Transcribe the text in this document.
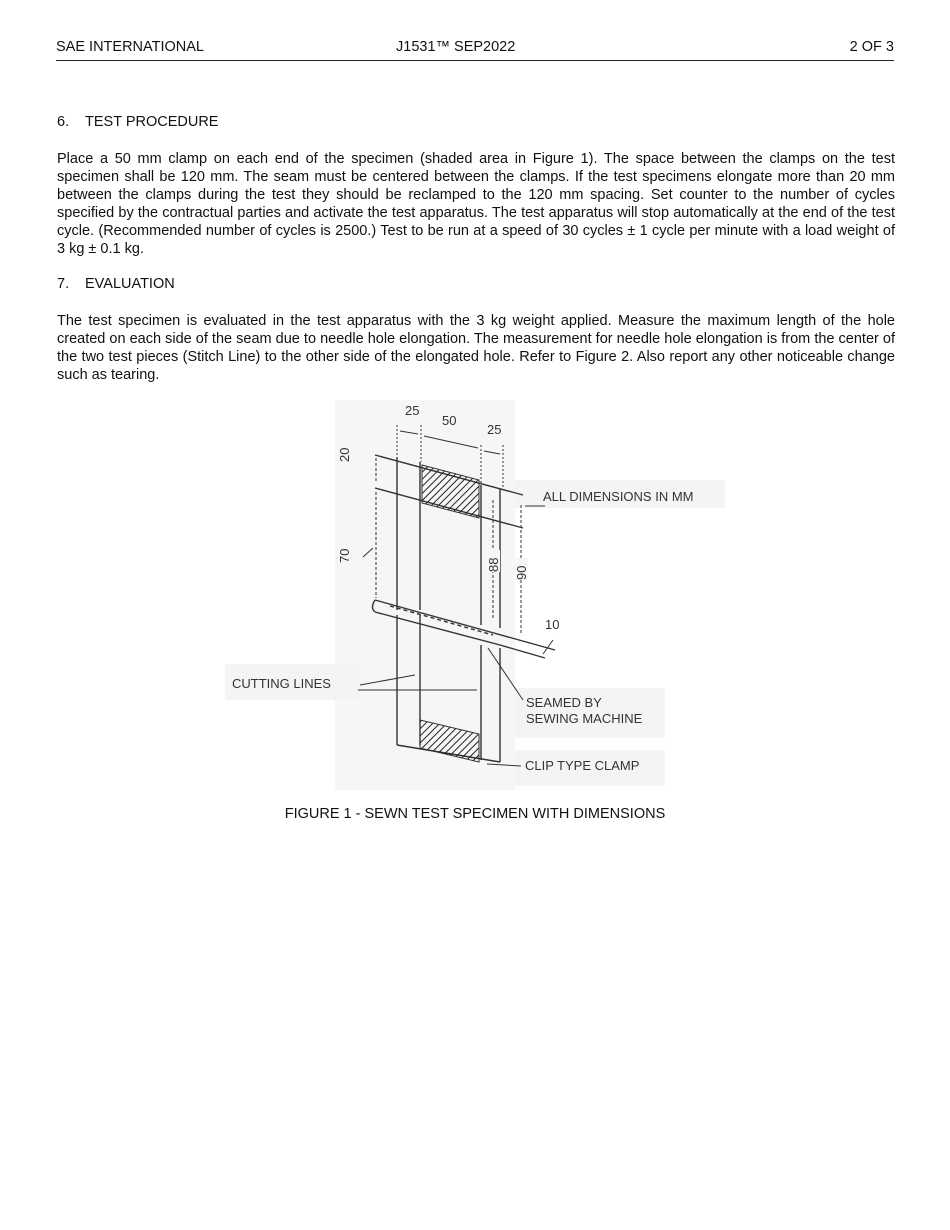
SAE INTERNATIONAL	J1531™ SEP2022	2 OF 3
6. TEST PROCEDURE

Place a 50 mm clamp on each end of the specimen (shaded area in Figure 1). The space between the clamps on the test specimen shall be 120 mm. The seam must be centered between the clamps. If the test specimens elongate more than 20 mm between the clamps during the test they should be reclamped to the 120 mm spacing. Set counter to the number of cycles specified by the contractual parties and activate the test apparatus. The test apparatus will stop automatically at the end of the test cycle. (Recommended number of cycles is 2500.) Test to be run at a speed of 30 cycles ± 1 cycle per minute with a load weight of 3 kg ± 0.1 kg.

7. EVALUATION

The test specimen is evaluated in the test apparatus with the 3 kg weight applied. Measure the maximum length of the hole created on each side of the seam due to needle hole elongation. The measurement for needle hole elongation is from the center of the two test pieces (Stitch Line) to the other side of the elongated hole. Refer to Figure 2. Also report any other noticeable change such as tearing.

25
50
25
20
70
88
90
10
ALL DIMENSIONS IN MM
CUTTING LINES
SEAMED BY
SEWING MACHINE
CLIP TYPE CLAMP
FIGURE 1 - SEWN TEST SPECIMEN WITH DIMENSIONS
